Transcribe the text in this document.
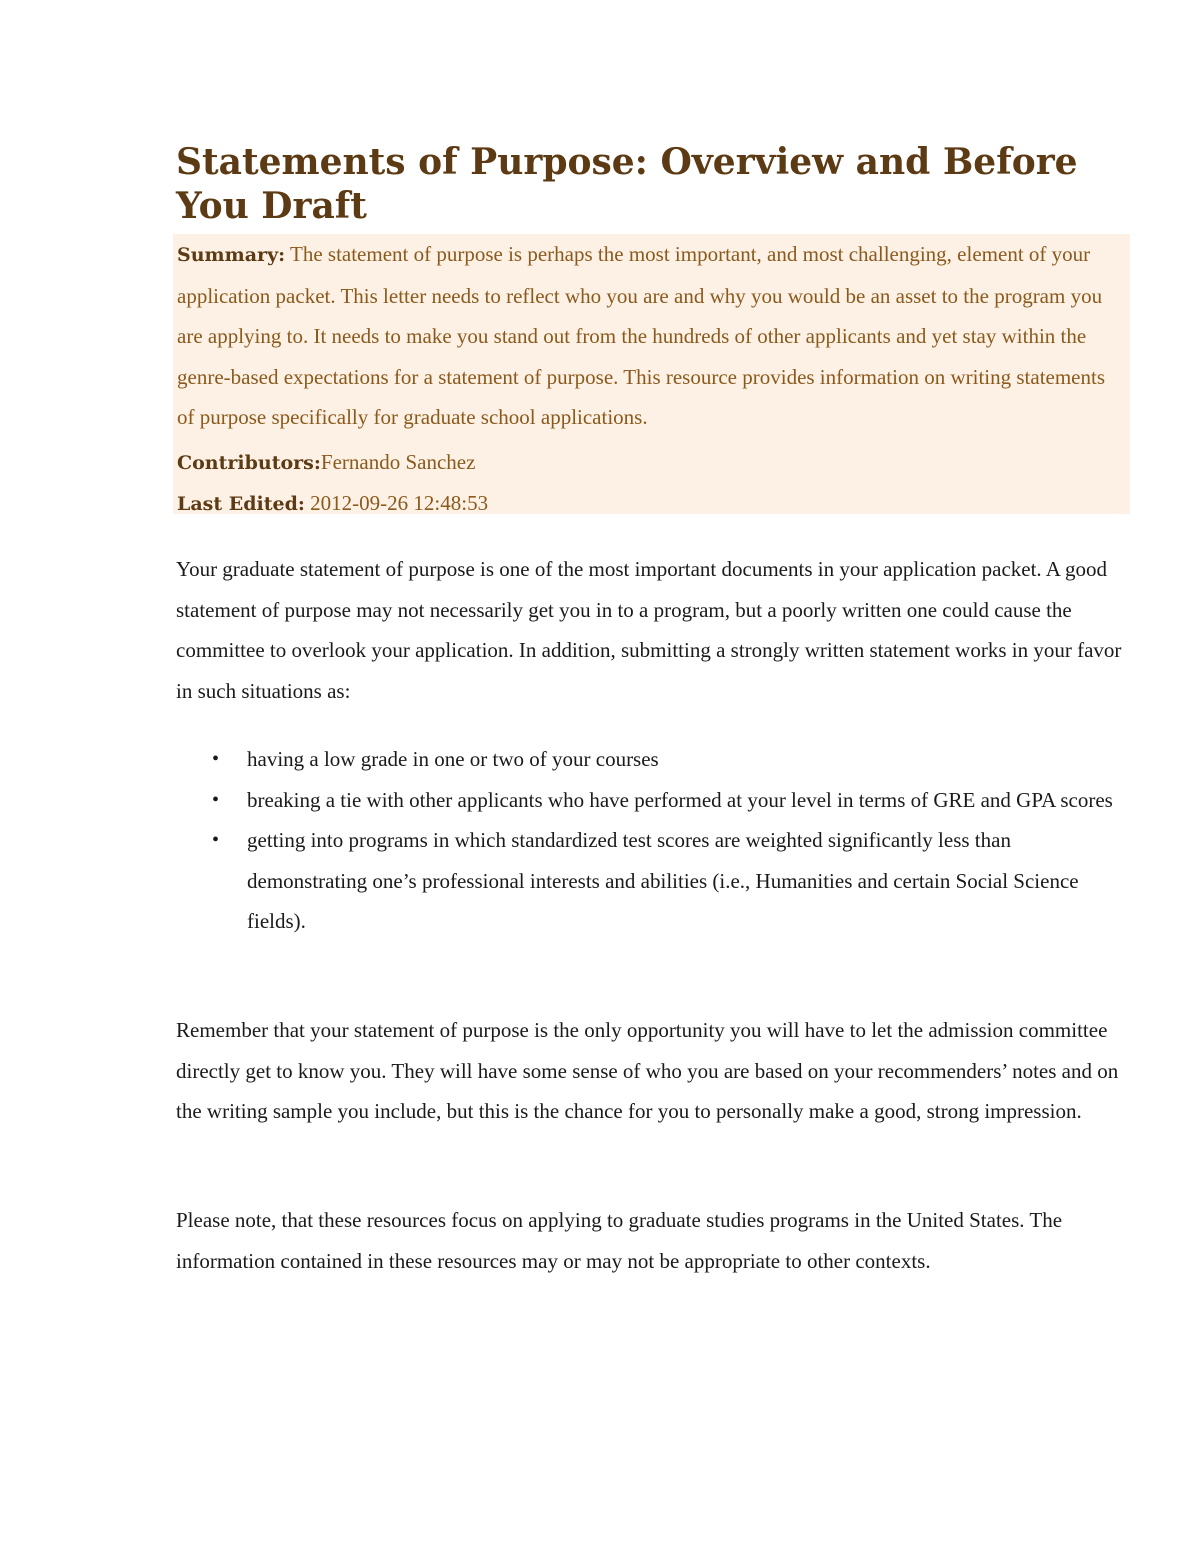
Statements of Purpose: Overview and Before You Draft

Summary: The statement of purpose is perhaps the most important, and most challenging, element of your application packet. This letter needs to reflect who you are and why you would be an asset to the program you are applying to. It needs to make you stand out from the hundreds of other applicants and yet stay within the genre-based expectations for a statement of purpose. This resource provides information on writing statements of purpose specifically for graduate school applications.

Contributors:Fernando Sanchez

Last Edited: 2012-09-26 12:48:53

Your graduate statement of purpose is one of the most important documents in your application packet. A good statement of purpose may not necessarily get you in to a program, but a poorly written one could cause the committee to overlook your application. In addition, submitting a strongly written statement works in your favor in such situations as:

• having a low grade in one or two of your courses
• breaking a tie with other applicants who have performed at your level in terms of GRE and GPA scores
• getting into programs in which standardized test scores are weighted significantly less than demonstrating one’s professional interests and abilities (i.e., Humanities and certain Social Science fields).

Remember that your statement of purpose is the only opportunity you will have to let the admission committee directly get to know you. They will have some sense of who you are based on your recommenders’ notes and on the writing sample you include, but this is the chance for you to personally make a good, strong impression.

Please note, that these resources focus on applying to graduate studies programs in the United States. The information contained in these resources may or may not be appropriate to other contexts.
